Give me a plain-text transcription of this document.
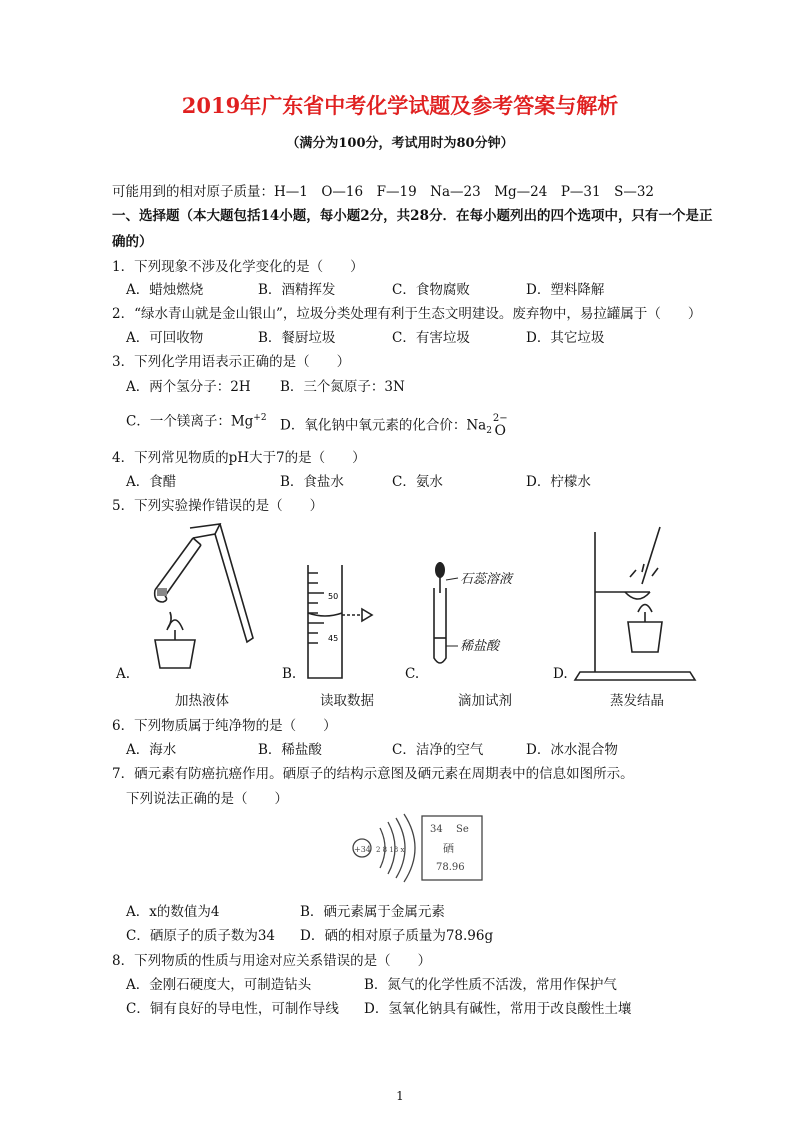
2019年广东省中考化学试题及参考答案与解析
（满分为100分，考试用时为80分钟）
可能用到的相对原子质量：H—1　O—16　F—19　Na—23　Mg—24　P—31　S—32
一、选择题（本大题包括14小题，每小题2分，共28分．在每小题列出的四个选项中，只有一个是正
确的）
1．下列现象不涉及化学变化的是（　　）
A．蜡烛燃烧	B．酒精挥发	C．食物腐败	D．塑料降解
2．“绿水青山就是金山银山”，垃圾分类处理有利于生态文明建设。废弃物中，易拉罐属于（　　）
A．可回收物	B．餐厨垃圾	C．有害垃圾	D．其它垃圾
3．下列化学用语表示正确的是（　　）
A．两个氢分子：2H B．三个氮原子：3N
C．一个镁离子：$Mg^{+2}$ D．氧化钠中氧元素的化合价：$Na_2$
2−
O
4．下列常见物质的pH大于7的是（　　）
A．食醋	B．食盐水	C．氨水	D．柠檬水
5．下列实验操作错误的是（　　）
A.
加热液体
50
45
B.
读取数据
石蕊溶液
稀盐酸
C.
滴加试剂
D.
蒸发结晶
6．下列物质属于纯净物的是（　　）
A．海水	B．稀盐酸	C．洁净的空气	D．冰水混合物
7．硒元素有防癌抗癌作用。硒原子的结构示意图及硒元素在周期表中的信息如图所示。
下列说法正确的是（　　）
+34 2 8 18 x
34 Se
硒
78.96
A．x的数值为4	B．硒元素属于金属元素
C．硒原子的质子数为34 D．硒的相对原子质量为78.96g
8．下列物质的性质与用途对应关系错误的是（　　）
A．金刚石硬度大，可制造钻头	B．氮气的化学性质不活泼，常用作保护气
C．铜有良好的导电性，可制作导线 D．氢氧化钠具有碱性，常用于改良酸性土壤
1
